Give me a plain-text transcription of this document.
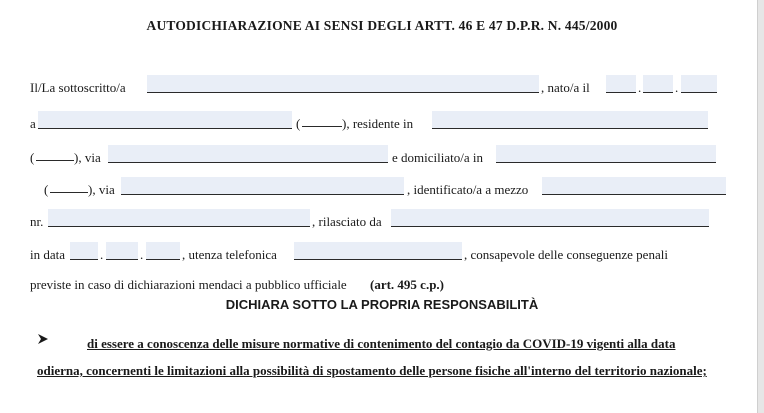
AUTODICHIARAZIONE AI SENSI DEGLI ARTT. 46 E 47 D.P.R. N. 445/2000
Il/La sottoscritto/a	, nato/a il	.	.
a	(	), residente in
(	), via	e domiciliato/a in
(	), via	, identificato/a a mezzo
nr.	, rilasciato da
in data	.	.	, utenza telefonica	, consapevole delle conseguenze penali
previste in caso di dichiarazioni mendaci a pubblico ufficiale (art. 495 c.p.)
DICHIARA SOTTO LA PROPRIA RESPONSABILITÀ
di essere a conoscenza delle misure normative di contenimento del contagio da COVID-19 vigenti alla data odierna, concernenti le limitazioni alla possibilità di spostamento delle persone fisiche all'interno del territorio nazionale;
